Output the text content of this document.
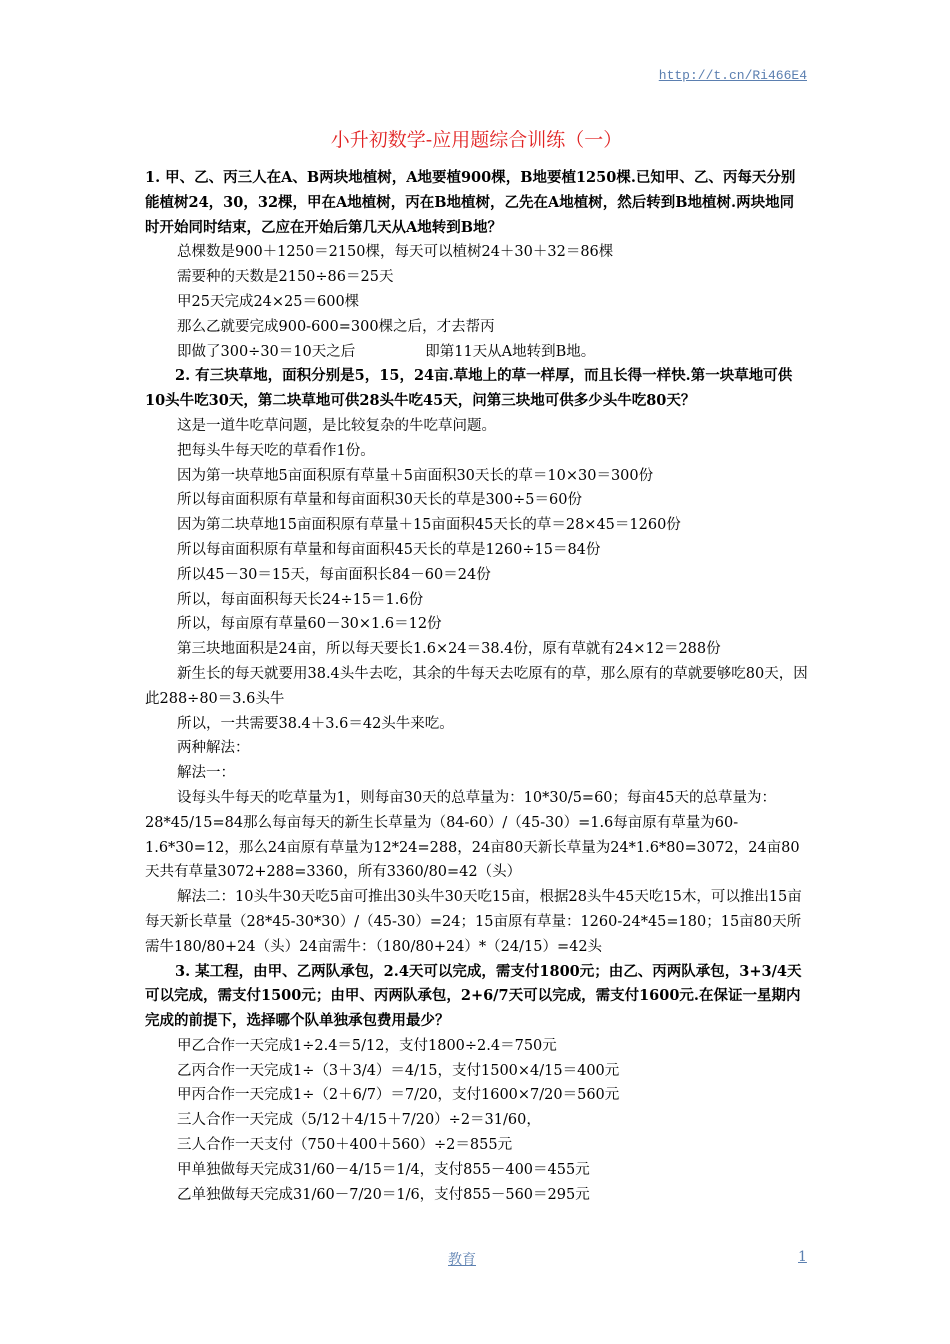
http://t.cn/Ri466E4
小升初数学-应用题综合训练（一）

1. 甲、乙、丙三人在A、B两块地植树，A地要植900棵，B地要植1250棵.已知甲、乙、丙每天分别能植树24，30，32棵，甲在A地植树，丙在B地植树，乙先在A地植树，然后转到B地植树.两块地同时开始同时结束，乙应在开始后第几天从A地转到B地？

总棵数是900＋1250＝2150棵，每天可以植树24＋30＋32＝86棵

需要种的天数是2150÷86＝25天

甲25天完成24×25＝600棵

那么乙就要完成900-600=300棵之后，才去帮丙

即做了300÷30＝10天之后	即第11天从A地转到B地。

2. 有三块草地，面积分别是5，15，24亩.草地上的草一样厚，而且长得一样快.第一块草地可供10头牛吃30天，第二块草地可供28头牛吃45天，问第三块地可供多少头牛吃80天？

这是一道牛吃草问题，是比较复杂的牛吃草问题。

把每头牛每天吃的草看作1份。

因为第一块草地5亩面积原有草量＋5亩面积30天长的草＝10×30＝300份

所以每亩面积原有草量和每亩面积30天长的草是300÷5＝60份

因为第二块草地15亩面积原有草量＋15亩面积45天长的草＝28×45＝1260份

所以每亩面积原有草量和每亩面积45天长的草是1260÷15＝84份

所以45－30＝15天，每亩面积长84－60＝24份

所以，每亩面积每天长24÷15＝1.6份

所以，每亩原有草量60－30×1.6＝12份

第三块地面积是24亩，所以每天要长1.6×24＝38.4份，原有草就有24×12＝288份

新生长的每天就要用38.4头牛去吃，其余的牛每天去吃原有的草，那么原有的草就要够吃80天，因此288÷80＝3.6头牛

所以，一共需要38.4＋3.6＝42头牛来吃。

两种解法：

解法一：

设每头牛每天的吃草量为1，则每亩30天的总草量为：10*30/5=60；每亩45天的总草量为：28*45/15=84那么每亩每天的新生长草量为（84-60）/（45-30）=1.6每亩原有草量为60-1.6*30=12，那么24亩原有草量为12*24=288，24亩80天新长草量为24*1.6*80=3072，24亩80天共有草量3072+288=3360，所有3360/80=42（头）

解法二：10头牛30天吃5亩可推出30头牛30天吃15亩，根据28头牛45天吃15木，可以推出15亩每天新长草量（28*45-30*30）/（45-30）=24；15亩原有草量：1260-24*45=180；15亩80天所需牛180/80+24（头）24亩需牛：（180/80+24）*（24/15）=42头

3. 某工程，由甲、乙两队承包，2.4天可以完成，需支付1800元；由乙、丙两队承包，3+3/4天可以完成，需支付1500元；由甲、丙两队承包，2+6/7天可以完成，需支付1600元.在保证一星期内完成的前提下，选择哪个队单独承包费用最少？

甲乙合作一天完成1÷2.4＝5/12，支付1800÷2.4＝750元

乙丙合作一天完成1÷（3＋3/4）＝4/15，支付1500×4/15＝400元

甲丙合作一天完成1÷（2＋6/7）＝7/20，支付1600×7/20＝560元

三人合作一天完成（5/12＋4/15＋7/20）÷2＝31/60，

三人合作一天支付（750＋400＋560）÷2＝855元

甲单独做每天完成31/60－4/15＝1/4，支付855－400＝455元

乙单独做每天完成31/60－7/20＝1/6，支付855－560＝295元

教育	1
